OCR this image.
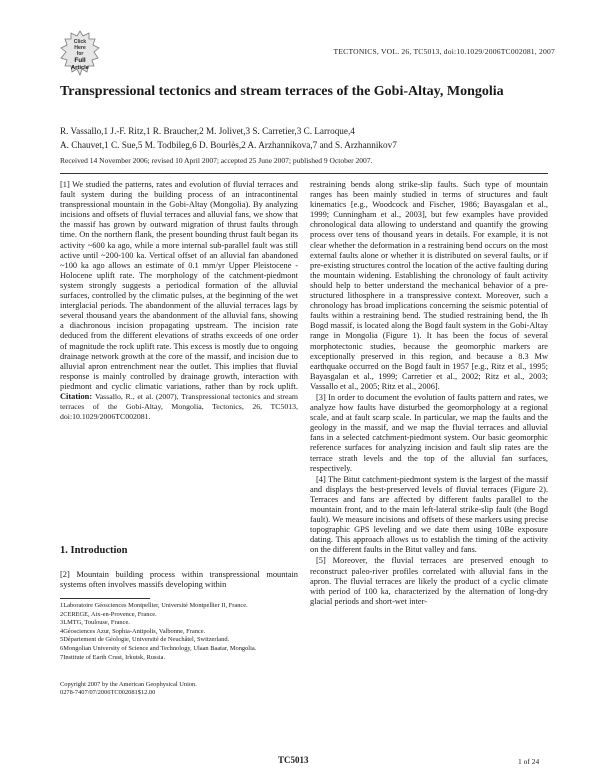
Click
Here
for
Full
Article
TECTONICS, VOL. 26, TC5013, doi:10.1029/2006TC002081, 2007
Transpressional tectonics and stream terraces of the Gobi-Altay, Mongolia
R. Vassallo,1 J.-F. Ritz,1 R. Braucher,2 M. Jolivet,3 S. Carretier,3 C. Larroque,4
A. Chauvet,1 C. Sue,5 M. Todbileg,6 D. Bourlès,2 A. Arzhannikova,7 and S. Arzhannikov7
Received 14 November 2006; revised 10 April 2007; accepted 25 June 2007; published 9 October 2007.

[1] We studied the patterns, rates and evolution of fluvial terraces and fault system during the building process of an intracontinental transpressional mountain in the Gobi-Altay (Mongolia). By analyzing incisions and offsets of fluvial terraces and alluvial fans, we show that the massif has grown by outward migration of thrust faults through time. On the northern flank, the present bounding thrust fault began its activity ~600 ka ago, while a more internal sub-parallel fault was still active until ~200-100 ka. Vertical offset of an alluvial fan abandoned ~100 ka ago allows an estimate of 0.1 mm/yr Upper Pleistocene - Holocene uplift rate. The morphology of the catchment-piedmont system strongly suggests a periodical formation of the alluvial surfaces, controlled by the climatic pulses, at the beginning of the wet interglacial periods. The abandonment of the alluvial terraces lags by several thousand years the abandonment of the alluvial fans, showing a diachronous incision propagating upstream. The incision rate deduced from the different elevations of straths exceeds of one order of magnitude the rock uplift rate. This excess is mostly due to ongoing drainage network growth at the core of the massif, and incision due to alluvial apron entrenchment near the outlet. This implies that fluvial response is mainly controlled by drainage growth, interaction with piedmont and cyclic climatic variations, rather than by rock uplift. Citation: Vassallo, R., et al. (2007), Transpressional tectonics and stream terraces of the Gobi-Altay, Mongolia, Tectonics, 26, TC5013, doi:10.1029/2006TC002081.

1. Introduction
[2] Mountain building process within transpressional mountain systems often involves massifs developing within
1Laboratoire Géosciences Montpellier, Université Montpellier II, France.
2CEREGE, Aix-en-Provence, France.
3LMTG, Toulouse, France.
4Géosciences Azur, Sophia-Antipolis, Valbonne, France.
5Département de Géologie, Université de Neuchâtel, Switzerland.
6Mongolian University of Science and Technology, Ulaan Baatar, Mongolia.
7Institute of Earth Crust, Irkutsk, Russia.
Copyright 2007 by the American Geophysical Union.
0278-7407/07/2006TC002081$12.00

restraining bends along strike-slip faults. Such type of mountain ranges has been mainly studied in terms of structures and fault kinematics [e.g., Woodcock and Fischer, 1986; Bayasgalan et al., 1999; Cunningham et al., 2003], but few examples have provided chronological data allowing to understand and quantify the growing process over tens of thousand years in details. For example, it is not clear whether the deformation in a restraining bend occurs on the most external faults alone or whether it is distributed on several faults, or if pre-existing structures control the location of the active faulting during the mountain widening. Establishing the chronology of fault activity should help to better understand the mechanical behavior of a pre-structured lithosphere in a transpressive context. Moreover, such a chronology has broad implications concerning the seismic potential of faults within a restraining bend. The studied restraining bend, the Ih Bogd massif, is located along the Bogd fault system in the Gobi-Altay range in Mongolia (Figure 1). It has been the focus of several morphotectonic studies, because the geomorphic markers are exceptionally preserved in this region, and because a 8.3 Mw earthquake occurred on the Bogd fault in 1957 [e.g., Ritz et al., 1995; Bayasgalan et al., 1999; Carretier et al., 2002; Ritz et al., 2003; Vassallo et al., 2005; Ritz et al., 2006].

[3] In order to document the evolution of faults pattern and rates, we analyze how faults have disturbed the geomorphology at a regional scale, and at fault scarp scale. In particular, we map the faults and the geology in the massif, and we map the fluvial terraces and alluvial fans in a selected catchment-piedmont system. Our basic geomorphic reference surfaces for analyzing incision and fault slip rates are the terrace strath levels and the top of the alluvial fan surfaces, respectively.

[4] The Bitut catchment-piedmont system is the largest of the massif and displays the best-preserved levels of fluvial terraces (Figure 2). Terraces and fans are affected by different faults parallel to the mountain front, and to the main left-lateral strike-slip fault (the Bogd fault). We measure incisions and offsets of these markers using precise topographic GPS leveling and we date them using 10Be exposure dating. This approach allows us to establish the timing of the activity on the different faults in the Bitut valley and fans.

[5] Moreover, the fluvial terraces are preserved enough to reconstruct paleo-river profiles correlated with alluvial fans in the apron. The fluvial terraces are likely the product of a cyclic climate with period of 100 ka, characterized by the alternation of long-dry glacial periods and short-wet inter-

TC5013	1 of 24
